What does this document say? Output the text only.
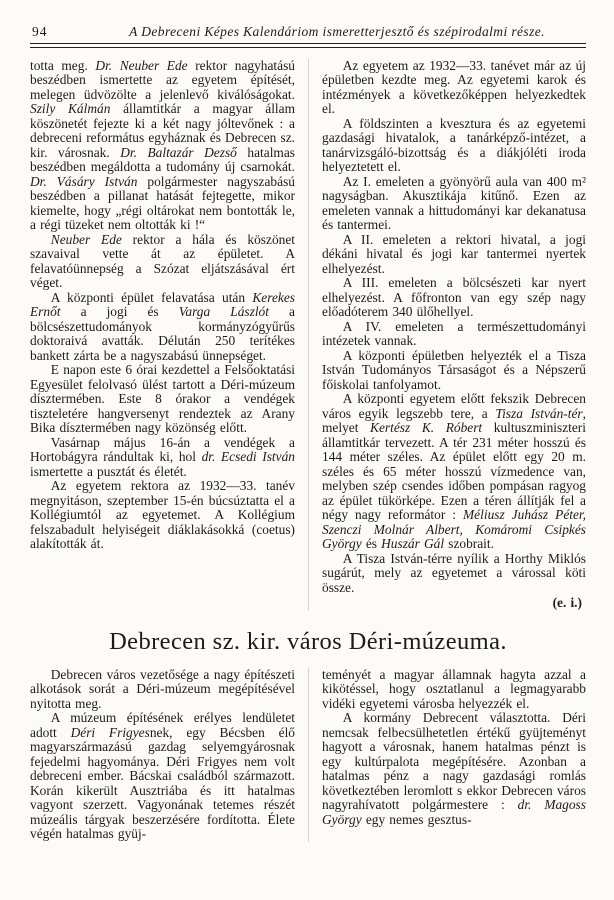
94	A Debreceni Képes Kalendáriom ismeretterjesztő és szépirodalmi része.

totta meg. Dr. Neuber Ede rektor nagyhatású beszédben ismertette az egyetem építését, melegen üdvözölte a jelenlevő kiválóságokat. Szily Kálmán államtitkár a magyar állam köszönetét fejezte ki a két nagy jóltevőnek : a debreceni református egyháznak és Debrecen sz. kir. városnak. Dr. Baltazár Dezső hatalmas beszédben megáldotta a tudomány új csarnokát. Dr. Vásáry István polgármester nagyszabású beszédben a pillanat hatását fejtegette, mikor kiemelte, hogy „régi oltárokat nem bontották le, a régi tüzeket nem oltották ki !“

Neuber Ede rektor a hála és köszönet szavaival vette át az épületet. A felavatóünnepség a Szózat eljátszásával ért véget.

A központi épület felavatása után Kerekes Ernőt a jogi és Varga Lászlót a bölcsészettudományok kormányzógyűrűs doktoraivá avatták. Délután 250 terítékes bankett zárta be a nagyszabású ünnepséget.

E napon este 6 órai kezdettel a Felsőoktatási Egyesület felolvasó ülést tartott a Déri-múzeum dísztermében. Este 8 órakor a vendégek tiszteletére hangversenyt rendeztek az Arany Bika dísztermében nagy közönség előtt.

Vasárnap május 16-án a vendégek a Hortobágyra rándultak ki, hol dr. Ecsedi István ismertette a pusztát és életét.

Az egyetem rektora az 1932—33. tanév megnyitáson, szeptember 15-én búcsúztatta el a Kollégiumtól az egyetemet. A Kollégium felszabadult helyiségeit diáklakásokká (coetus) alakították át.

Az egyetem az 1932—33. tanévet már az új épületben kezdte meg. Az egyetemi karok és intézmények a következőképpen helyezkedtek el.

A földszinten a kvesztura és az egyetemi gazdasági hivatalok, a tanárképző-intézet, a tanárvizsgáló-bizottság és a diákjóléti iroda helyeztetett el.

Az I. emeleten a gyönyörű aula van 400 m² nagyságban. Akusztikája kitűnő. Ezen az emeleten vannak a hittudományi kar dekanatusa és tantermei.

A II. emeleten a rektori hivatal, a jogi dékáni hivatal és jogi kar tantermei nyertek elhelyezést.

A III. emeleten a bölcsészeti kar nyert elhelyezést. A főfronton van egy szép nagy előadóterem 340 ülőhellyel.

A IV. emeleten a természettudományi intézetek vannak.

A központi épületben helyezték el a Tisza István Tudományos Társaságot és a Népszerű főiskolai tanfolyamot.

A központi egyetem előtt fekszik Debrecen város egyik legszebb tere, a Tisza István-tér, melyet Kertész K. Róbert kultuszminiszteri államtitkár tervezett. A tér 231 méter hosszú és 144 méter széles. Az épület előtt egy 20 m. széles és 65 méter hosszú vízmedence van, melyben szép csendes időben pompásan ragyog az épület tükörképe. Ezen a téren állítják fel a négy nagy reformátor : Méliusz Juhász Péter, Szenczi Molnár Albert, Komáromi Csipkés György és Huszár Gál szobrait.

A Tisza István-térre nyílik a Horthy Miklós sugárút, mely az egyetemet a várossal köti össze.

(e. i.)

Debrecen sz. kir. város Déri-múzeuma.

Debrecen város vezetősége a nagy építészeti alkotások sorát a Déri-múzeum megépítésével nyitotta meg.

A múzeum építésének erélyes lendületet adott Déri Frigyesnek, egy Bécsben élő magyarszármazású gazdag selyemgyárosnak fejedelmi hagyománya. Déri Frigyes nem volt debreceni ember. Bácskai családból származott. Korán kikerült Ausztriába és itt hatalmas vagyont szerzett. Vagyonának tetemes részét múzeális tárgyak beszerzésére fordította. Élete végén hatalmas gyüj-

teményét a magyar államnak hagyta azzal a kikötéssel, hogy osztatlanul a legmagyarabb vidéki egyetemi városba helyezzék el.

A kormány Debrecent választotta. Déri nemcsak felbecsülhetetlen értékű gyüjteményt hagyott a városnak, hanem hatalmas pénzt is egy kultúrpalota megépítésére. Azonban a hatalmas pénz a nagy gazdasági romlás következtében leromlott s ekkor Debrecen város nagyrahívatott polgármestere : dr. Magoss György egy nemes gesztus-
